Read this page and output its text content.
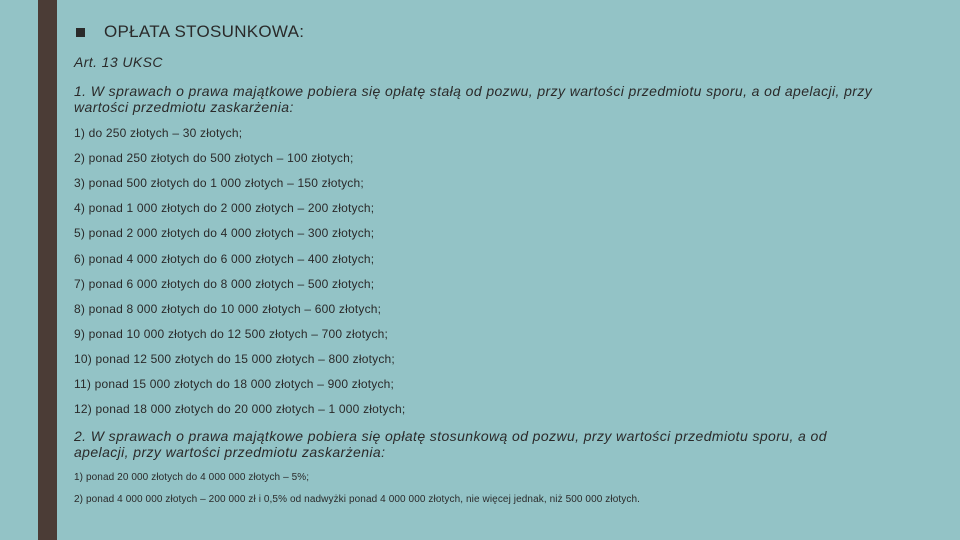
OPŁATA STOSUNKOWA:
Art. 13 UKSC
1. W sprawach o prawa majątkowe pobiera się opłatę stałą od pozwu, przy wartości przedmiotu sporu, a od apelacji, przy wartości przedmiotu zaskarżenia:
1) do 250 złotych – 30 złotych;
2) ponad 250 złotych do 500 złotych – 100 złotych;
3) ponad 500 złotych do 1 000 złotych – 150 złotych;
4) ponad 1 000 złotych do 2 000 złotych – 200 złotych;
5) ponad 2 000 złotych do 4 000 złotych – 300 złotych;
6) ponad 4 000 złotych do 6 000 złotych – 400 złotych;
7) ponad 6 000 złotych do 8 000 złotych – 500 złotych;
8) ponad 8 000 złotych do 10 000 złotych – 600 złotych;
9) ponad 10 000 złotych do 12 500 złotych – 700 złotych;
10) ponad 12 500 złotych do 15 000 złotych – 800 złotych;
11) ponad 15 000 złotych do 18 000 złotych – 900 złotych;
12) ponad 18 000 złotych do 20 000 złotych – 1 000 złotych;
2. W sprawach o prawa majątkowe pobiera się opłatę stosunkową od pozwu, przy wartości przedmiotu sporu, a od apelacji, przy wartości przedmiotu zaskarżenia:
1) ponad 20 000 złotych do 4 000 000 złotych – 5%;
2) ponad 4 000 000 złotych – 200 000 zł i 0,5% od nadwyżki ponad 4 000 000 złotych, nie więcej jednak, niż 500 000 złotych.
